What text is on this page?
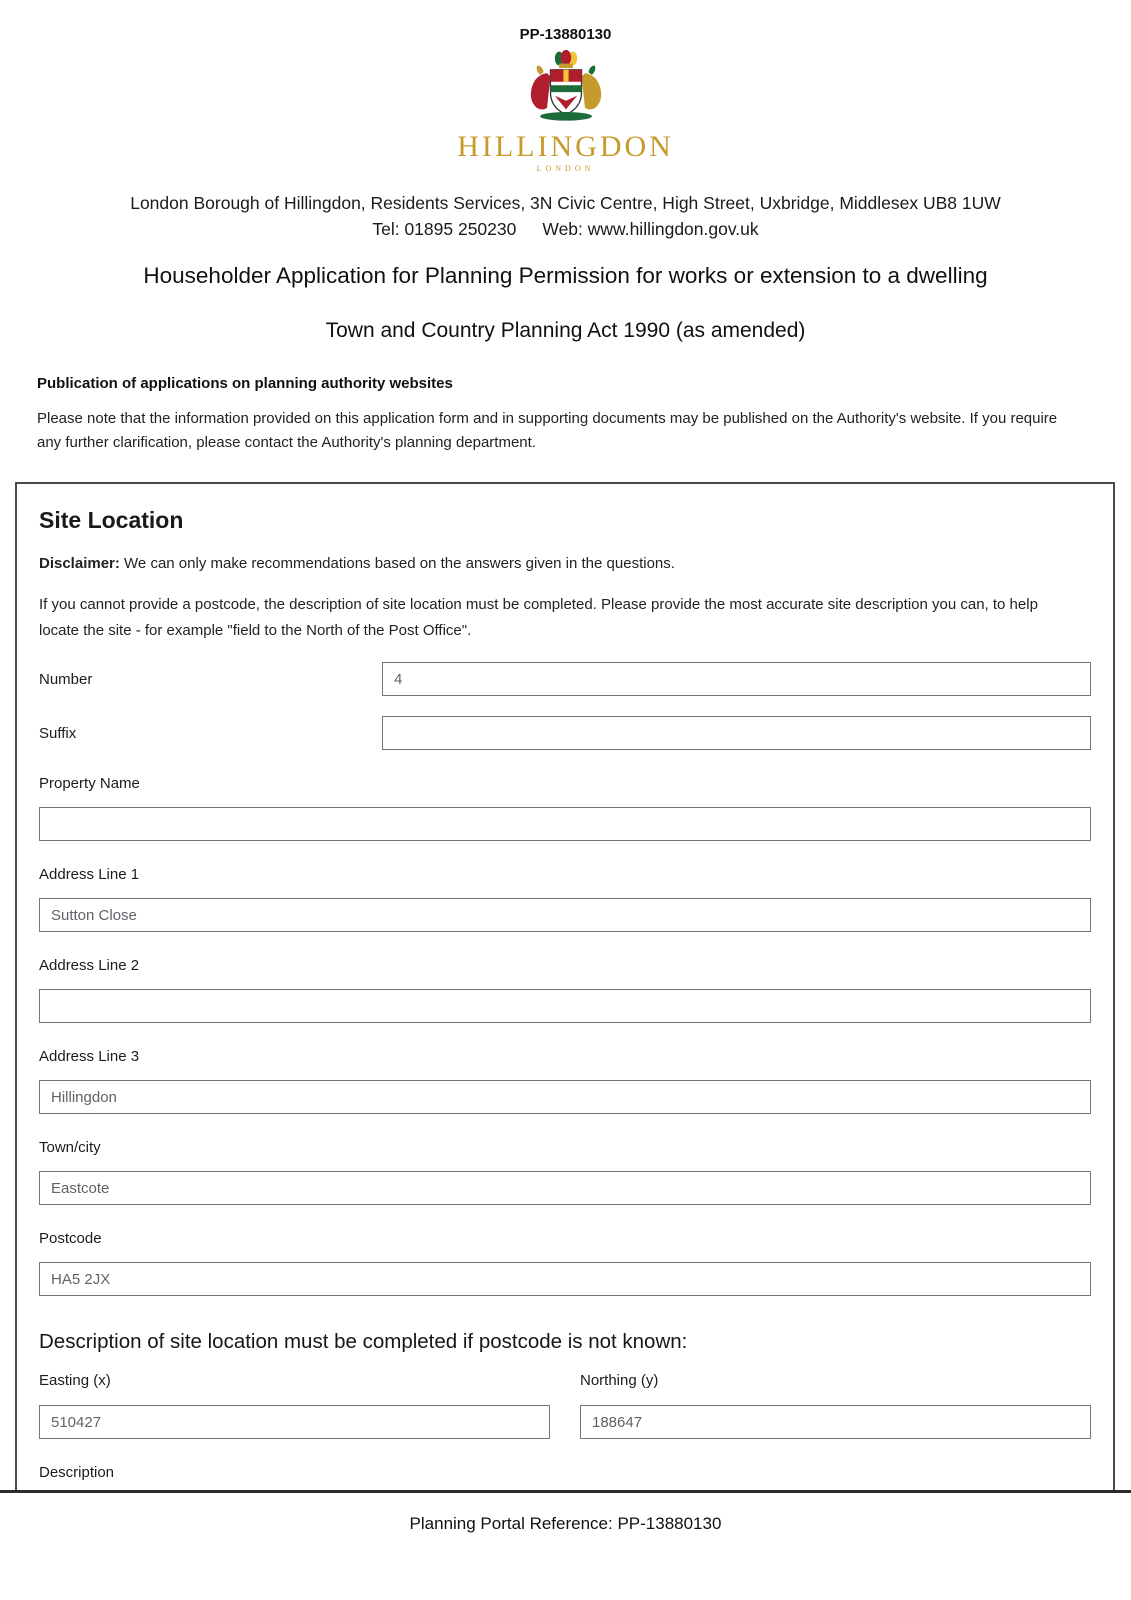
PP-13880130
HILLINGDON
LONDON
London Borough of Hillingdon, Residents Services, 3N Civic Centre, High Street, Uxbridge, Middlesex UB8 1UW
Tel: 01895 250230 Web: www.hillingdon.gov.uk
Householder Application for Planning Permission for works or extension to a dwelling
Town and Country Planning Act 1990 (as amended)
Publication of applications on planning authority websites
Please note that the information provided on this application form and in supporting documents may be published on the Authority's website. If you require any further clarification, please contact the Authority's planning department.
Site Location
Disclaimer: We can only make recommendations based on the answers given in the questions.
If you cannot provide a postcode, the description of site location must be completed. Please provide the most accurate site description you can, to help locate the site - for example "field to the North of the Post Office".
Number
4
Suffix
Property Name
Address Line 1
Sutton Close
Address Line 2
Address Line 3
Hillingdon
Town/city
Eastcote
Postcode
HA5 2JX
Description of site location must be completed if postcode is not known:
Easting (x)
510427	Northing (y)
188647
Description
Planning Portal Reference: PP-13880130
